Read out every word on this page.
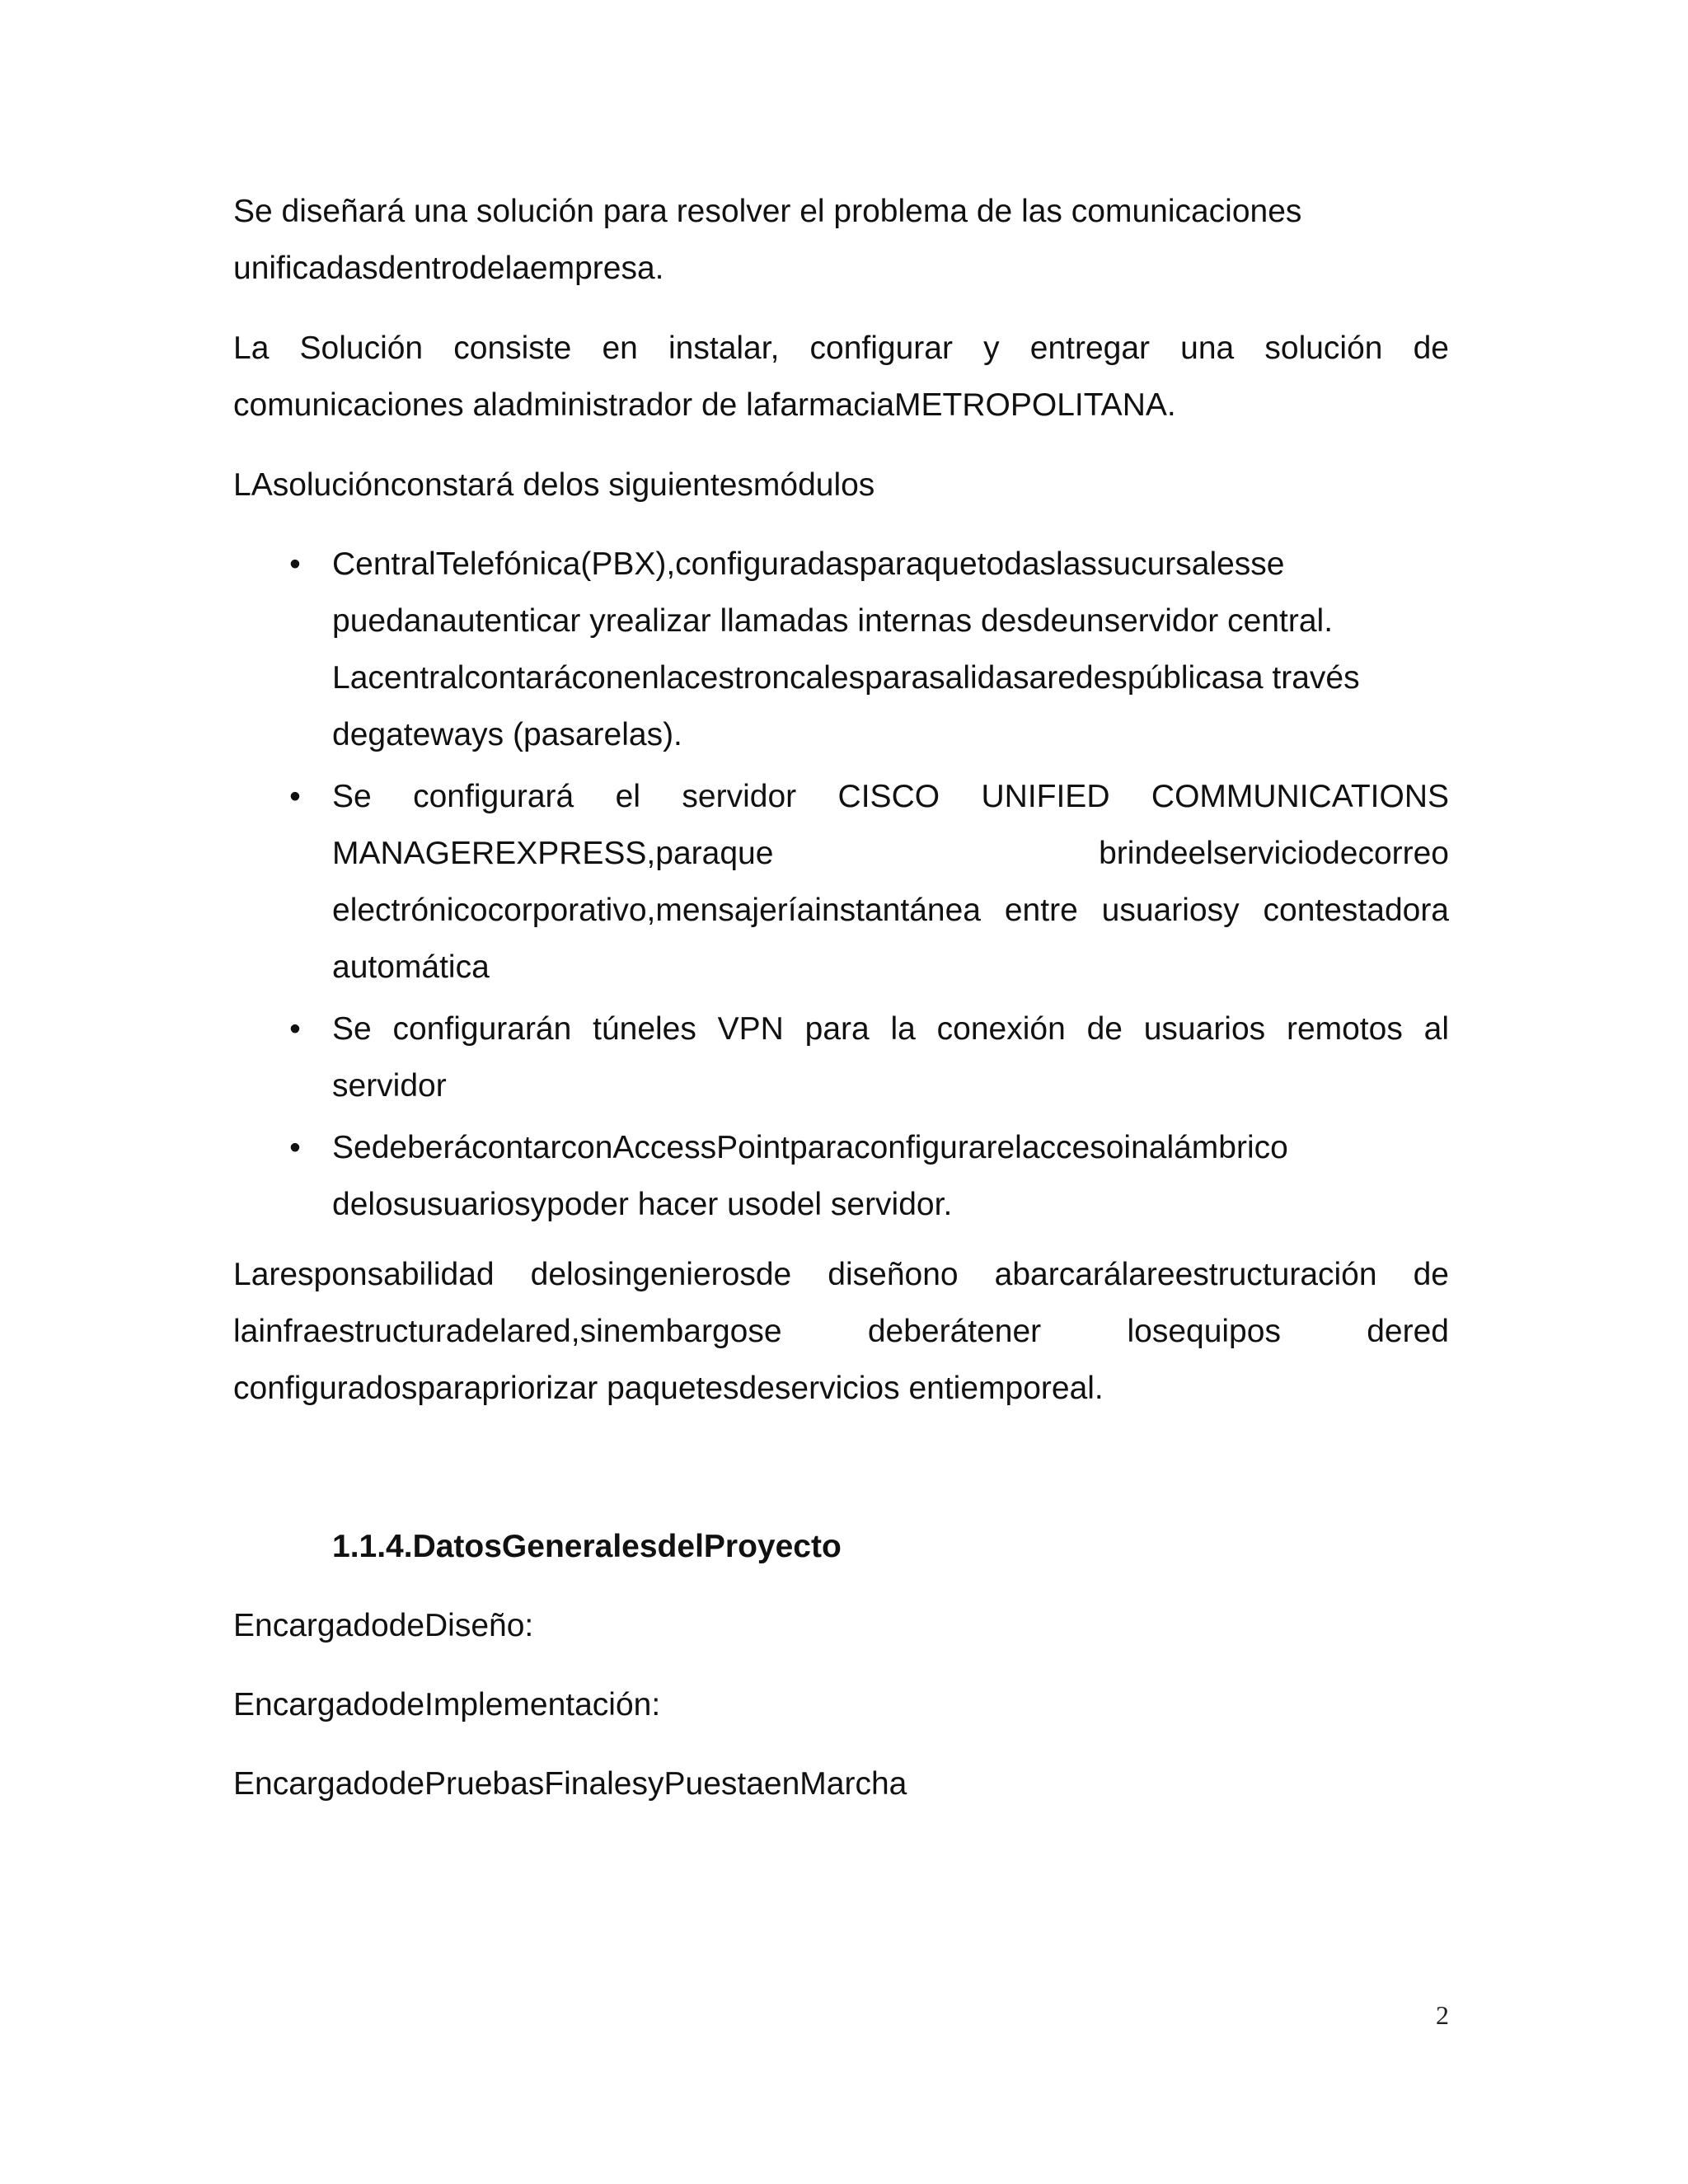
Se diseñará una solución para resolver el problema de las comunicaciones
unificadasdentrodelaempresa.
La Solución consiste en instalar, configurar y entregar una solución de
comunicaciones aladministrador de lafarmaciaMETROPOLITANA.
LAsoluciónconstará delos siguientesmódulos
• CentralTelefónica(PBX),configuradasparaquetodaslassucursalesse
puedanautenticar yrealizar llamadas internas desdeunservidor central.
Lacentralcontaráconenlacestroncalesparasalidasaredespúblicasa través
degateways (pasarelas).
• Se configurará el servidor CISCO UNIFIED COMMUNICATIONS
MANAGEREXPRESS,paraque brindeelserviciodecorreo
electrónicocorporativo,mensajeríainstantánea entre usuariosy contestadora
automática
• Se configurarán túneles VPN para la conexión de usuarios remotos al
servidor
• SedeberácontarconAccessPointparaconfigurarelaccesoinalámbrico
delosusuariosypoder hacer usodel servidor.
Laresponsabilidad delosingenierosde diseñono abarcarálareestructuración de
lainfraestructuradelared,sinembargose deberátener losequipos dered
configuradosparapriorizar paquetesdeservicios entiemporeal.
1.1.4.DatosGeneralesdelProyecto
EncargadodeDiseño:
EncargadodeImplementación:
EncargadodePruebasFinalesyPuestaenMarcha
2
